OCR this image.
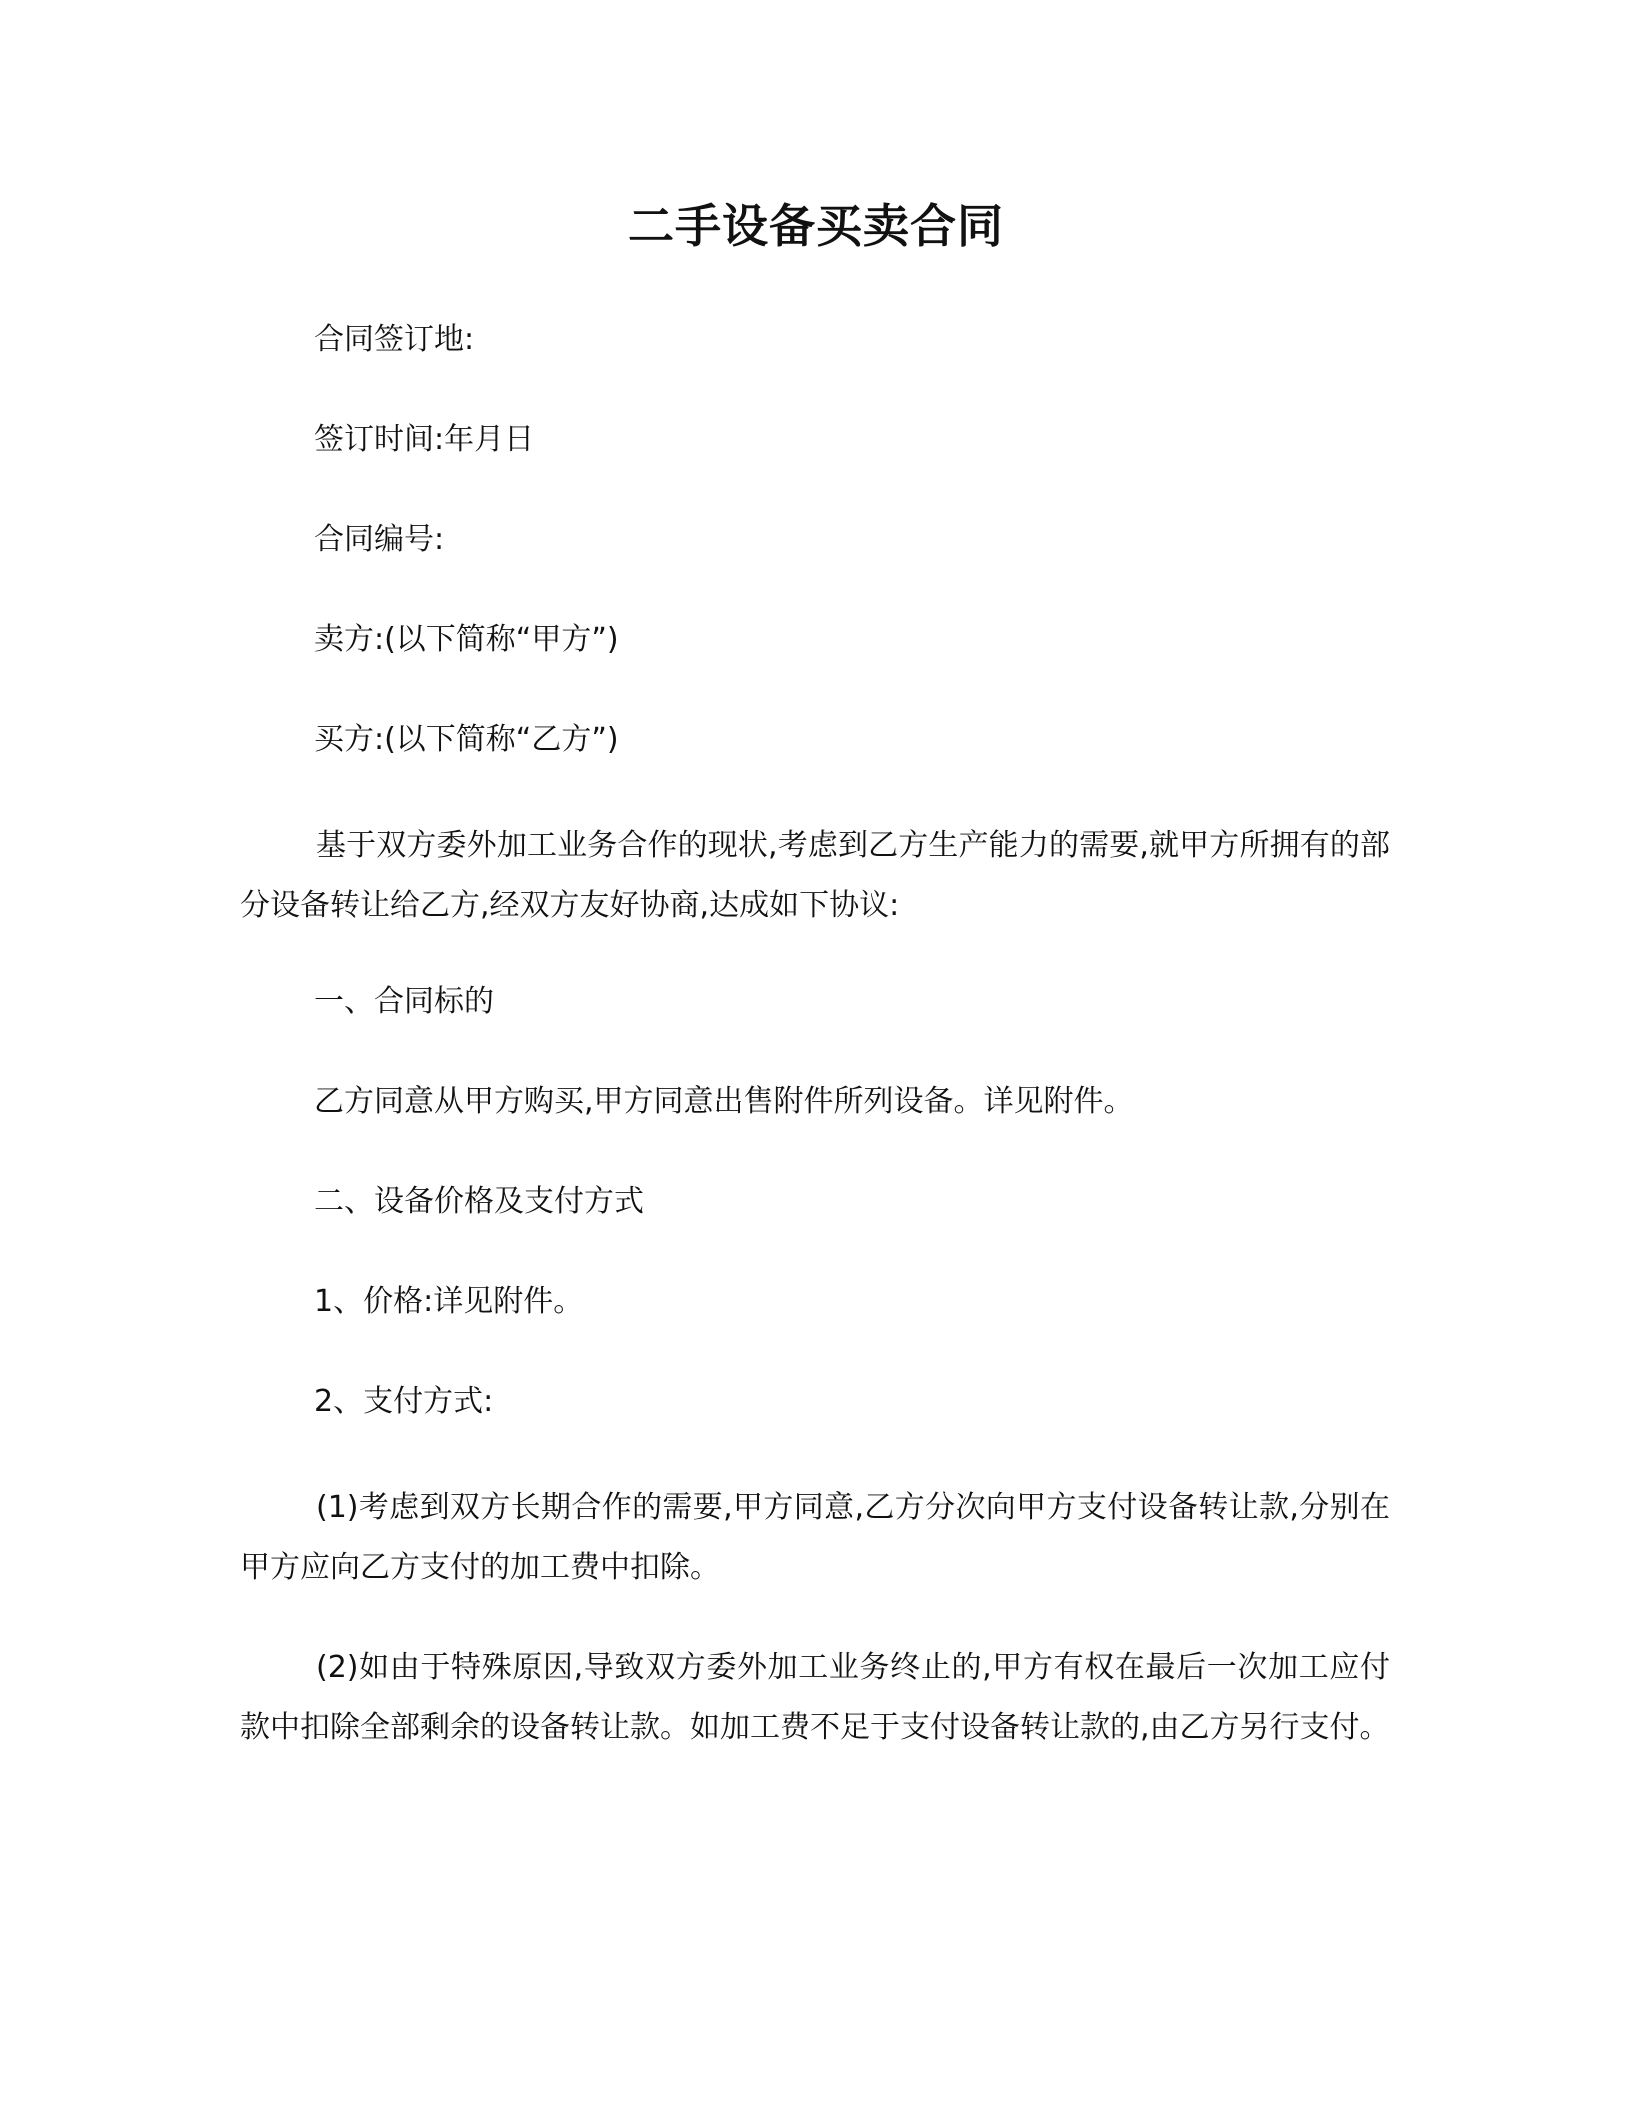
二手设备买卖合同

合同签订地:

签订时间:年月日

合同编号:

卖方:(以下简称“甲方”)

买方:(以下简称“乙方”)

基于双方委外加工业务合作的现状,考虑到乙方生产能力的需要,就甲方所拥有的部分设备转让给乙方,经双方友好协商,达成如下协议:

一、合同标的

乙方同意从甲方购买,甲方同意出售附件所列设备。详见附件。

二、设备价格及支付方式

1、价格:详见附件。

2、支付方式:

(1)考虑到双方长期合作的需要,甲方同意,乙方分次向甲方支付设备转让款,分别在甲方应向乙方支付的加工费中扣除。

(2)如由于特殊原因,导致双方委外加工业务终止的,甲方有权在最后一次加工应付款中扣除全部剩余的设备转让款。如加工费不足于支付设备转让款的,由乙方另行支付。
